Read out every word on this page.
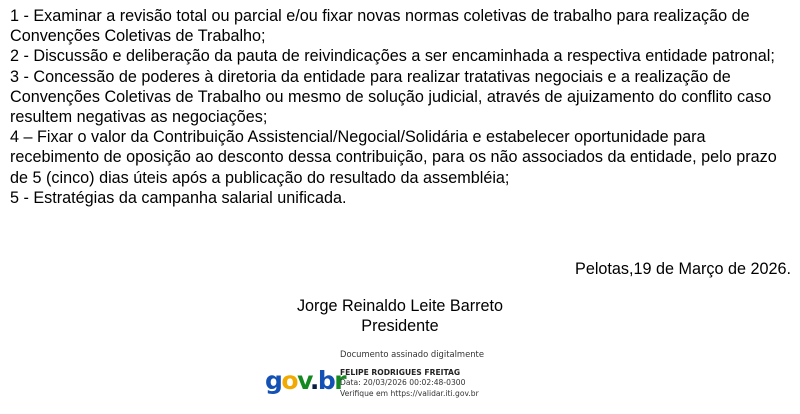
1 - Examinar a revisão total ou parcial e/ou fixar novas normas coletivas de trabalho para realização de Convenções Coletivas de Trabalho;

2 - Discussão e deliberação da pauta de reivindicações a ser encaminhada a respectiva entidade patronal;

3 - Concessão de poderes à diretoria da entidade para realizar tratativas negociais e a realização de Convenções Coletivas de Trabalho ou mesmo de solução judicial, através de ajuizamento do conflito caso resultem negativas as negociações;

4 – Fixar o valor da Contribuição Assistencial/Negocial/Solidária e estabelecer oportunidade para recebimento de oposição ao desconto dessa contribuição, para os não associados da entidade, pelo prazo de 5 (cinco) dias úteis após a publicação do resultado da assembléia;

5 - Estratégias da campanha salarial unificada.

Pelotas,19 de Março de 2026.
Jorge Reinaldo Leite Barreto
Presidente
Documento assinado digitalmente
gov.br
FELIPE RODRIGUES FREITAG
Data: 20/03/2026 00:02:48-0300
Verifique em https://validar.iti.gov.br
